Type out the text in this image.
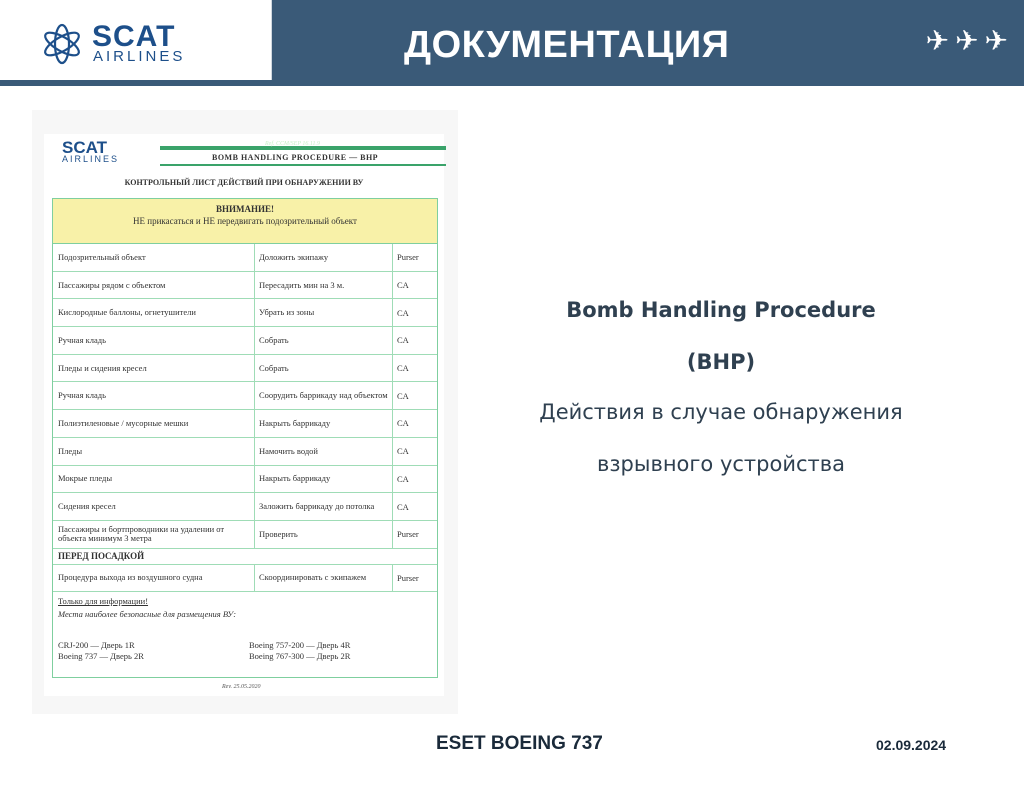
SCAT
AIRLINES	ДОКУМЕНТАЦИЯ	✈ ✈ ✈
SCAT
AIRLINES
Ref. CCM/SEP 16.11.9
BOMB HANDLING PROCEDURE — BHP
КОНТРОЛЬНЫЙ ЛИСТ ДЕЙСТВИЙ ПРИ ОБНАРУЖЕНИИ ВУ
ВНИМАНИЕ!
НЕ прикасаться и НЕ передвигать подозрительный объект
Подозрительный объект	Доложить экипажу	Purser
Пассажиры рядом с объектом	Пересадить мин на 3 м.	CA
Кислородные баллоны, огнетушители	Убрать из зоны	CA
Ручная кладь	Собрать	CA
Пледы и сидения кресел	Собрать	CA
Ручная кладь	Соорудить баррикаду над объектом	CA
Полиэтиленовые / мусорные мешки	Накрыть баррикаду	CA
Пледы	Намочить водой	CA
Мокрые пледы	Накрыть баррикаду	CA
Сидения кресел	Заложить баррикаду до потолка	CA
Пассажиры и бортпроводники на удалении от объекта минимум 3 метра	Проверить	Purser
ПЕРЕД ПОСАДКОЙ
Процедура выхода из воздушного судна	Скоординировать с экипажем	Purser
Только для информации!
Места наиболее безопасные для размещения ВУ:
CRJ-200 — Дверь 1R
Boeing 737 — Дверь 2R
Boeing 757-200 — Дверь 4R
Boeing 767-300 — Дверь 2R
Rev. 25.05.2020
Bomb Handling Procedure
(BHP)
Действия в случае обнаружения
взрывного устройства
ESET BOEING 737	02.09.2024
